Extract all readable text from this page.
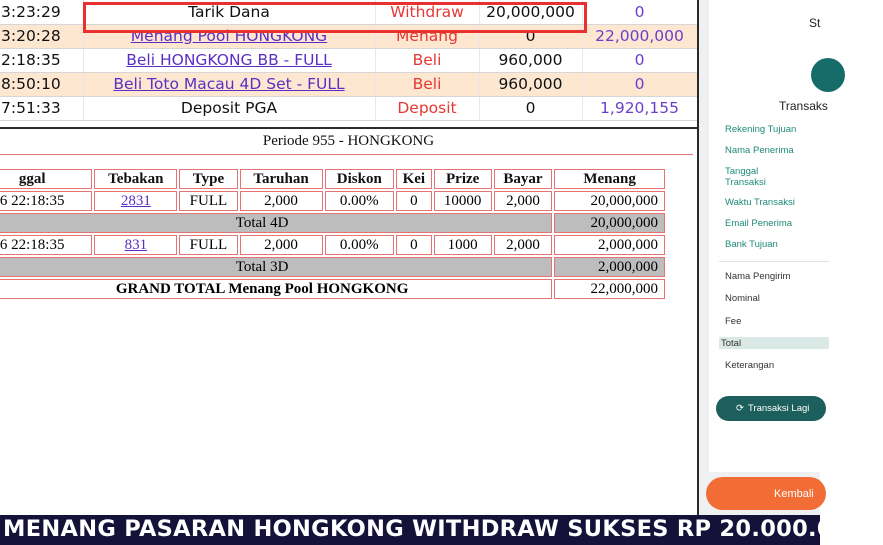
3:23:29	Tarik Dana	Withdraw	20,000,000	0
3:20:28	Menang Pool HONGKONG	Menang	0	22,000,000
2:18:35	Beli HONGKONG BB - FULL	Beli	960,000	0
8:50:10	Beli Toto Macau 4D Set - FULL	Beli	960,000	0
7:51:33	Deposit PGA	Deposit	0	1,920,155
Periode 955 - HONGKONG
ggal	Tebakan	Type	Taruhan	Diskon	Kei	Prize	Bayar	Menang
6 22:18:35	2831	FULL	2,000	0.00%	0	10000	2,000	20,000,000
Total 4D								20,000,000
6 22:18:35	831	FULL	2,000	0.00%	0	1000	2,000	2,000,000
Total 3D								2,000,000
GRAND TOTAL Menang Pool HONGKONG								22,000,000
St
Transaks
Rekening Tujuan
Nama Penerima
Tanggal Transaksi
Waktu Transaksi
Email Penerima
Bank Tujuan
Nama Pengirim
Nominal
Fee
Total
Keterangan
⟳ Transaksi Lagi
Kembali
MENANG PASARAN HONGKONG WITHDRAW SUKSES RP 20.000.000,-
